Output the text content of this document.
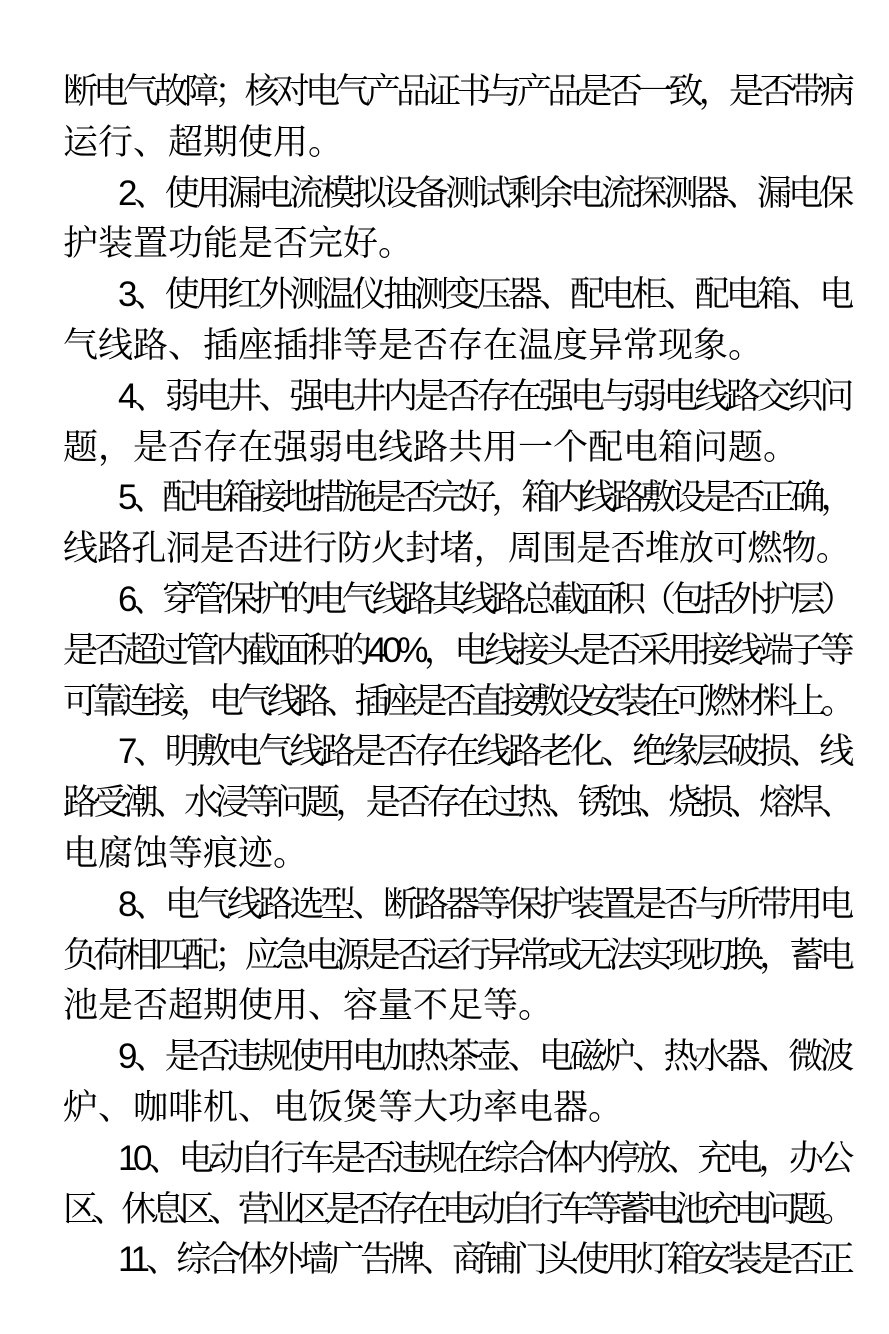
断电气故障；核对电气产品证书与产品是否一致，是否带病
运行、超期使用。
2、使用漏电流模拟设备测试剩余电流探测器、漏电保
护装置功能是否完好。
3、使用红外测温仪抽测变压器、配电柜、配电箱、电
气线路、插座插排等是否存在温度异常现象。
4、弱电井、强电井内是否存在强电与弱电线路交织问
题，是否存在强弱电线路共用一个配电箱问题。
5、配电箱接地措施是否完好，箱内线路敷设是否正确，
线路孔洞是否进行防火封堵，周围是否堆放可燃物。
6、穿管保护的电气线路其线路总截面积（包括外护层）
是否超过管内截面积的40%，电线接头是否采用接线端子等
可靠连接，电气线路、插座是否直接敷设安装在可燃材料上。
7、明敷电气线路是否存在线路老化、绝缘层破损、线
路受潮、水浸等问题，是否存在过热、锈蚀、烧损、熔焊、
电腐蚀等痕迹。
8、电气线路选型、断路器等保护装置是否与所带用电
负荷相匹配；应急电源是否运行异常或无法实现切换，蓄电
池是否超期使用、容量不足等。
9、是否违规使用电加热茶壶、电磁炉、热水器、微波
炉、咖啡机、电饭煲等大功率电器。
10、电动自行车是否违规在综合体内停放、充电，办公
区、休息区、营业区是否存在电动自行车等蓄电池充电问题。
11、综合体外墙广告牌、商铺门头使用灯箱安装是否正
